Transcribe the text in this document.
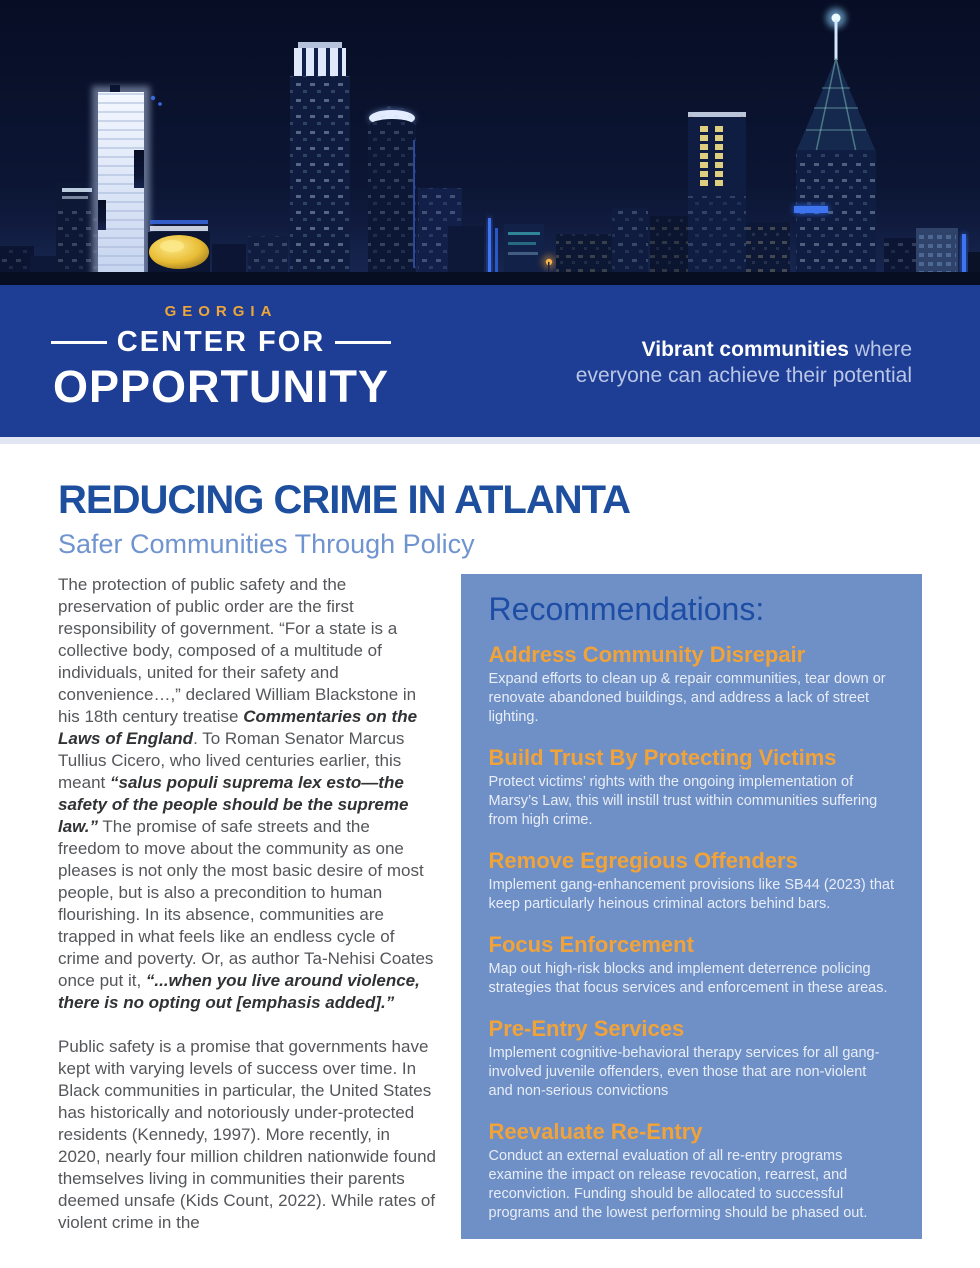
GEORGIA
CENTER FOR
OPPORTUNITY
Vibrant communities where
everyone can achieve their potential
REDUCING CRIME IN ATLANTA
Safer Communities Through Policy

The protection of public safety and the preservation of public order are the first responsibility of government. “For a state is a collective body, composed of a multitude of individuals, united for their safety and convenience…,” declared William Blackstone in his 18th century treatise Commentaries on the Laws of England. To Roman Senator Marcus Tullius Cicero, who lived centuries earlier, this meant “salus populi suprema lex esto—the safety of the people should be the supreme law.” The promise of safe streets and the freedom to move about the community as one pleases is not only the most basic desire of most people, but is also a precondition to human flourishing. In its absence, communities are trapped in what feels like an endless cycle of crime and poverty. Or, as author Ta-Nehisi Coates once put it, “...when you live around violence, there is no opting out [emphasis added].”

Public safety is a promise that governments have kept with varying levels of success over time. In Black communities in particular, the United States has historically and notoriously under-protected residents (Kennedy, 1997). More recently, in 2020, nearly four million children nationwide found themselves living in communities their parents deemed unsafe (Kids Count, 2022). While rates of violent crime in the

Recommendations:
Address Community Disrepair

Expand efforts to clean up & repair communities, tear down or renovate abandoned buildings, and address a lack of street lighting.

Build Trust By Protecting Victims

Protect victims’ rights with the ongoing implementation of Marsy’s Law, this will instill trust within communities suffering from high crime.

Remove Egregious Offenders

Implement gang-enhancement provisions like SB44 (2023) that keep particularly heinous criminal actors behind bars.

Focus Enforcement

Map out high-risk blocks and implement deterrence policing strategies that focus services and enforcement in these areas.

Pre-Entry Services

Implement cognitive-behavioral therapy services for all gang-involved juvenile offenders, even those that are non-violent and non-serious convictions

Reevaluate Re-Entry

Conduct an external evaluation of all re-entry programs examine the impact on release revocation, rearrest, and reconviction. Funding should be allocated to successful programs and the lowest performing should be phased out.
